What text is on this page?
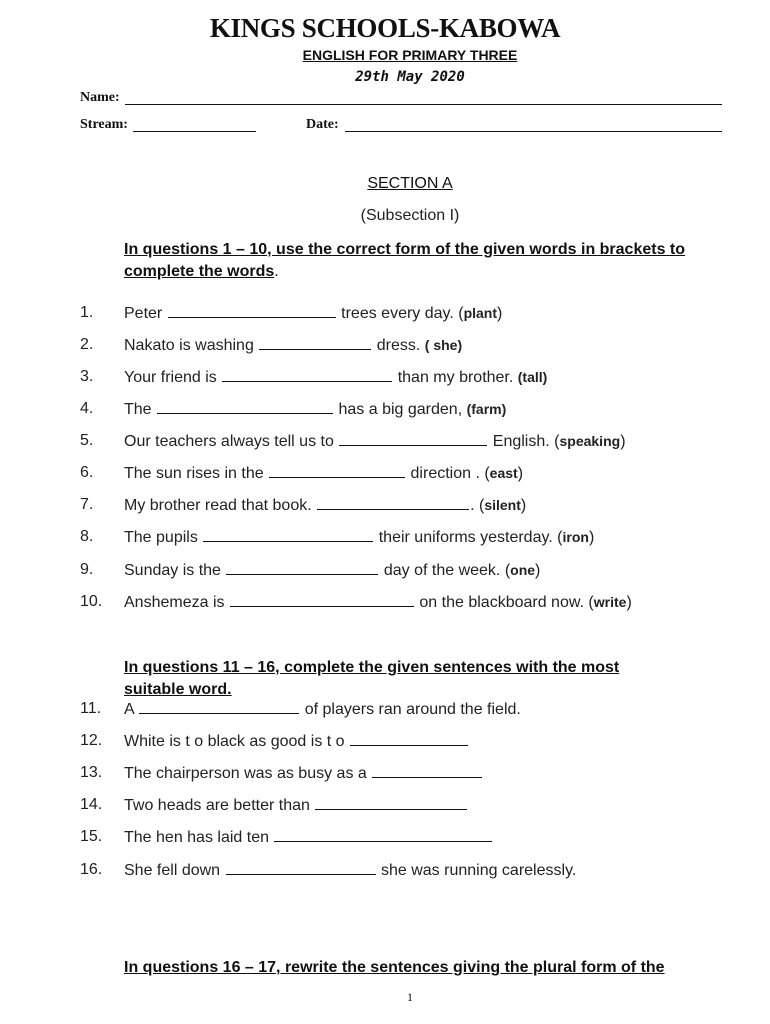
KINGS SCHOOLS-KABOWA
ENGLISH FOR PRIMARY THREE
29th May 2020
Name:
Stream:	Date:
SECTION A
(Subsection I)
In questions 1 – 10, use the correct form of the given words in brackets to complete the words.
1. Peter	trees every day. (plant)
2. Nakato is washing	dress. ( she)
3. Your friend is	than my brother. (tall)
4. The	has a big garden, (farm)
5. Our teachers always tell us to	English. (speaking)
6. The sun rises in the	direction . (east)
7. My brother read that book.	. (silent)
8. The pupils	their uniforms yesterday. (iron)
9. Sunday is the	day of the week. (one)
10. Anshemeza is	on the blackboard now. (write)
In questions 11 – 16, complete the given sentences with the most suitable word.
11. A	of players ran around the field.
12. White is t o black as good is t o
13. The chairperson was as busy as a
14. Two heads are better than
15. The hen has laid ten
16. She fell down	she was running carelessly.
In questions 16 – 17, rewrite the sentences giving the plural form of the
1
